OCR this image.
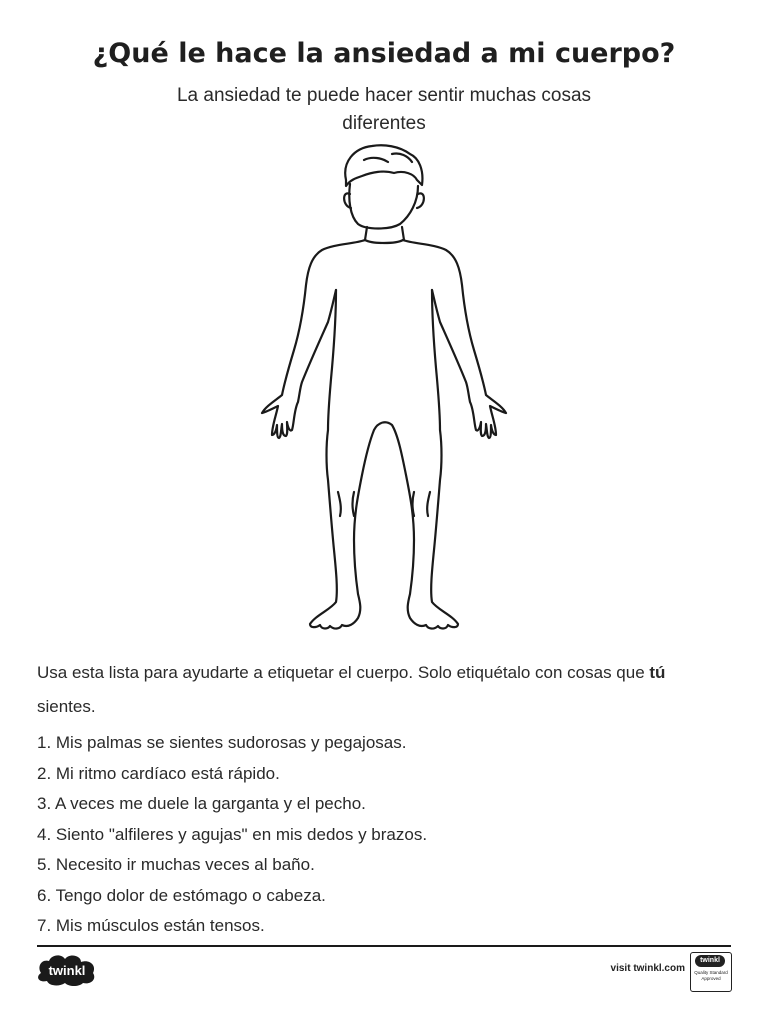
¿Qué le hace la ansiedad a mi cuerpo?

La ansiedad te puede hacer sentir muchas cosas diferentes

Usa esta lista para ayudarte a etiquetar el cuerpo. Solo etiquétalo con cosas que tú sientes.

1. Mis palmas se sientes sudorosas y pegajosas.
2. Mi ritmo cardíaco está rápido.
3. A veces me duele la garganta y el pecho.
4. Siento "alfileres y agujas" en mis dedos y brazos.
5. Necesito ir muchas veces al baño.
6. Tengo dolor de estómago o cabeza.
7. Mis músculos están tensos.
twinkl	visit twinkl.com
twinkl
Quality Standard Approved
